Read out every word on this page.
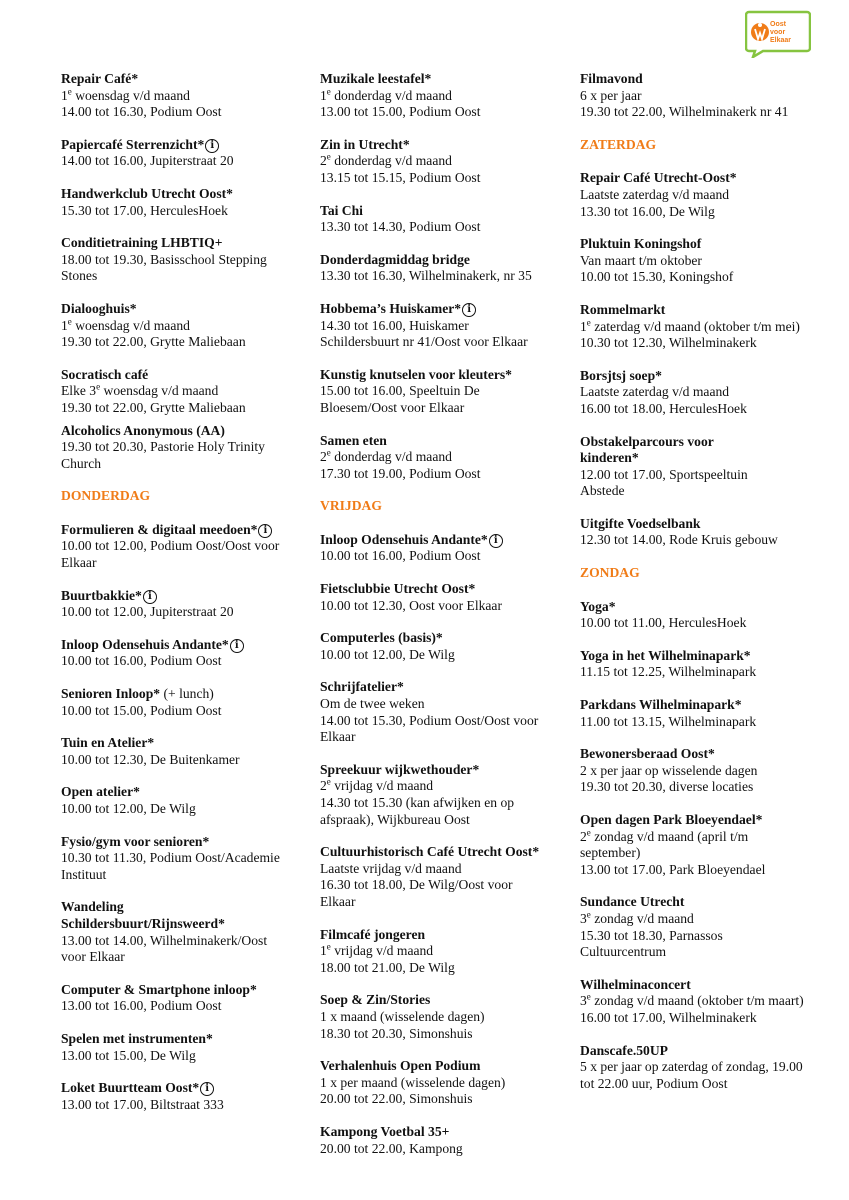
Oost
voor
Elkaar
Repair Café*
1e woensdag v/d maand
14.00 tot 16.30, Podium Oost
Papiercafé Sterrenzicht* i
14.00 tot 16.00, Jupiterstraat 20
Handwerkclub Utrecht Oost*
15.30 tot 17.00, HerculesHoek
Conditietraining LHBTIQ+
18.00 tot 19.30, Basisschool Stepping
Stones
Dialooghuis*
1e woensdag v/d maand
19.30 tot 22.00, Grytte Maliebaan
Socratisch café
Elke 3e woensdag v/d maand
19.30 tot 22.00, Grytte Maliebaan
Alcoholics Anonymous (AA)
19.30 tot 20.30, Pastorie Holy Trinity
Church
DONDERDAG
Formulieren & digitaal meedoen* i
10.00 tot 12.00, Podium Oost/Oost voor
Elkaar
Buurtbakkie* i
10.00 tot 12.00, Jupiterstraat 20
Inloop Odensehuis Andante* i
10.00 tot 16.00, Podium Oost
Senioren Inloop* (+ lunch)
10.00 tot 15.00, Podium Oost
Tuin en Atelier*
10.00 tot 12.30, De Buitenkamer
Open atelier*
10.00 tot 12.00, De Wilg
Fysio/gym voor senioren*
10.30 tot 11.30, Podium Oost/Academie
Instituut
Wandeling
Schildersbuurt/Rijnsweerd*
13.00 tot 14.00, Wilhelminakerk/Oost
voor Elkaar
Computer & Smartphone inloop*
13.00 tot 16.00, Podium Oost
Spelen met instrumenten*
13.00 tot 15.00, De Wilg
Loket Buurtteam Oost* i
13.00 tot 17.00, Biltstraat 333
Muzikale leestafel*
1e donderdag v/d maand
13.00 tot 15.00, Podium Oost
Zin in Utrecht*
2e donderdag v/d maand
13.15 tot 15.15, Podium Oost
Tai Chi
13.30 tot 14.30, Podium Oost
Donderdagmiddag bridge
13.30 tot 16.30, Wilhelminakerk, nr 35
Hobbema’s Huiskamer* i
14.30 tot 16.00, Huiskamer
Schildersbuurt nr 41/Oost voor Elkaar
Kunstig knutselen voor kleuters*
15.00 tot 16.00, Speeltuin De
Bloesem/Oost voor Elkaar
Samen eten
2e donderdag v/d maand
17.30 tot 19.00, Podium Oost
VRIJDAG
Inloop Odensehuis Andante* i
10.00 tot 16.00, Podium Oost
Fietsclubbie Utrecht Oost*
10.00 tot 12.30, Oost voor Elkaar
Computerles (basis)*
10.00 tot 12.00, De Wilg
Schrijfatelier*
Om de twee weken
14.00 tot 15.30, Podium Oost/Oost voor
Elkaar
Spreekuur wijkwethouder*
2e vrijdag v/d maand
14.30 tot 15.30 (kan afwijken en op
afspraak), Wijkbureau Oost
Cultuurhistorisch Café Utrecht Oost*
Laatste vrijdag v/d maand
16.30 tot 18.00, De Wilg/Oost voor
Elkaar
Filmcafé jongeren
1e vrijdag v/d maand
18.00 tot 21.00, De Wilg
Soep & Zin/Stories
1 x maand (wisselende dagen)
18.30 tot 20.30, Simonshuis
Verhalenhuis Open Podium
1 x per maand (wisselende dagen)
20.00 tot 22.00, Simonshuis
Kampong Voetbal 35+
20.00 tot 22.00, Kampong
Filmavond
6 x per jaar
19.30 tot 22.00, Wilhelminakerk nr 41
ZATERDAG
Repair Café Utrecht-Oost*
Laatste zaterdag v/d maand
13.30 tot 16.00, De Wilg
Pluktuin Koningshof
Van maart t/m oktober
10.00 tot 15.30, Koningshof
Rommelmarkt
1e zaterdag v/d maand (oktober t/m mei)
10.30 tot 12.30, Wilhelminakerk
Borsjtsj soep*
Laatste zaterdag v/d maand
16.00 tot 18.00, HerculesHoek
Obstakelparcours voor
kinderen*
12.00 tot 17.00, Sportspeeltuin
Abstede
Uitgifte Voedselbank
12.30 tot 14.00, Rode Kruis gebouw
ZONDAG
Yoga*
10.00 tot 11.00, HerculesHoek
Yoga in het Wilhelminapark*
11.15 tot 12.25, Wilhelminapark
Parkdans Wilhelminapark*
11.00 tot 13.15, Wilhelminapark
Bewonersberaad Oost*
2 x per jaar op wisselende dagen
19.30 tot 20.30, diverse locaties
Open dagen Park Bloeyendael*
2e zondag v/d maand (april t/m
september)
13.00 tot 17.00, Park Bloeyendael
Sundance Utrecht
3e zondag v/d maand
15.30 tot 18.30, Parnassos
Cultuurcentrum
Wilhelminaconcert
3e zondag v/d maand (oktober t/m maart)
16.00 tot 17.00, Wilhelminakerk
Danscafe.50UP
5 x per jaar op zaterdag of zondag, 19.00
tot 22.00 uur, Podium Oost
